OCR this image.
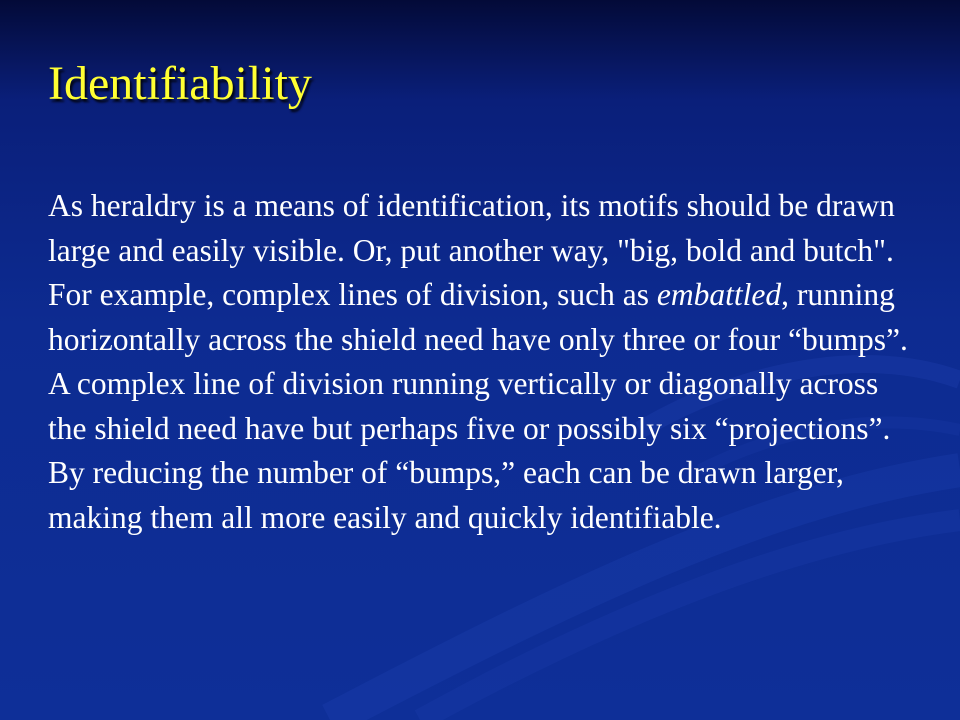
Identifiability

As heraldry is a means of identification, its motifs should be drawn large and easily visible. Or, put another way, "big, bold and butch". For example, complex lines of division, such as embattled, running horizontally across the shield need have only three or four “bumps”. A complex line of division running vertically or diagonally across the shield need have but perhaps five or possibly six “projections”. By reducing the number of “bumps,” each can be drawn larger, making them all more easily and quickly identifiable.
